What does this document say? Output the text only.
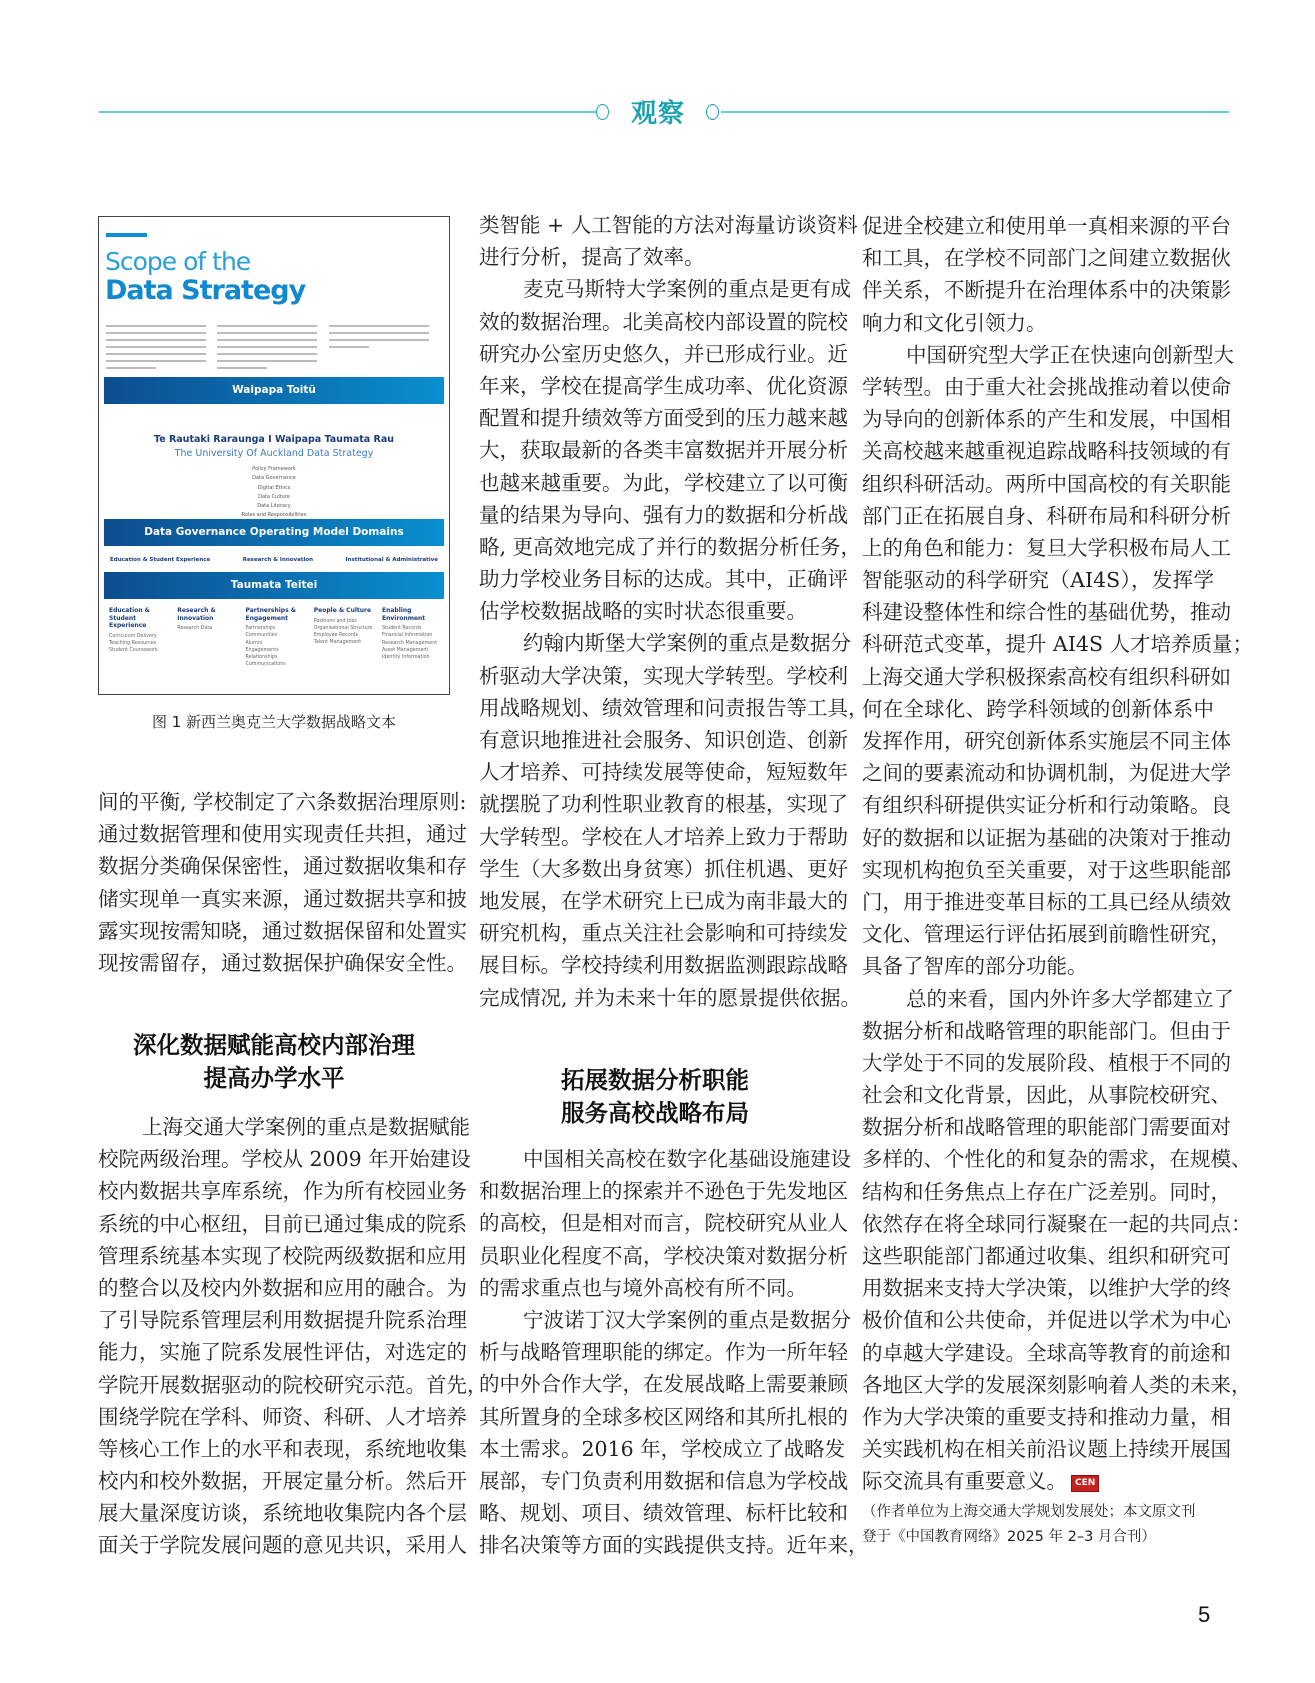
观察
Scope of the
Data Strategy
Waipapa Toitū
Te Rautaki Raraunga I Waipapa Taumata Rau
The University Of Auckland Data Strategy
Policy Framework
Data Governance
Digital Ethics
Data Culture
Data Literacy
Roles and Responsibilities
Data Governance Operating Model Domains
Education & Student Experience	Research & Innovation	Institutional & Administrative
Taumata Teitei
Education & Student Experience
Curriculum Delivery
Teaching Resources
Student Coursework
Research & Innovation
Research Data
Partnerships & Engagement
Partnerships
Communities
Alumni
Engagements
Relationships
Communications
People & Culture
Positions and Jobs
Organisational Structure
Employee Records
Talent Management
Enabling Environment
Student Records
Financial Information
Research Management
Asset Management
Identity Information
图 1 新西兰奥克兰大学数据战略文本
间的平衡, 学校制定了六条数据治理原则:
通过数据管理和使用实现责任共担，通过
数据分类确保保密性，通过数据收集和存
储实现单一真实来源，通过数据共享和披
露实现按需知晓，通过数据保留和处置实
现按需留存，通过数据保护确保安全性。
深化数据赋能高校内部治理
提高办学水平
上海交通大学案例的重点是数据赋能
校院两级治理。学校从 2009 年开始建设
校内数据共享库系统，作为所有校园业务
系统的中心枢纽，目前已通过集成的院系
管理系统基本实现了校院两级数据和应用
的整合以及校内外数据和应用的融合。为
了引导院系管理层利用数据提升院系治理
能力，实施了院系发展性评估，对选定的
学院开展数据驱动的院校研究示范。首先，
围绕学院在学科、师资、科研、人才培养
等核心工作上的水平和表现，系统地收集
校内和校外数据，开展定量分析。然后开
展大量深度访谈，系统地收集院内各个层
面关于学院发展问题的意见共识，采用人
类智能 + 人工智能的方法对海量访谈资料
进行分析，提高了效率。
麦克马斯特大学案例的重点是更有成
效的数据治理。北美高校内部设置的院校
研究办公室历史悠久，并已形成行业。近
年来，学校在提高学生成功率、优化资源
配置和提升绩效等方面受到的压力越来越
大，获取最新的各类丰富数据并开展分析
也越来越重要。为此，学校建立了以可衡
量的结果为导向、强有力的数据和分析战
略, 更高效地完成了并行的数据分析任务，
助力学校业务目标的达成。其中，正确评
估学校数据战略的实时状态很重要。
约翰内斯堡大学案例的重点是数据分
析驱动大学决策，实现大学转型。学校利
用战略规划、绩效管理和问责报告等工具，
有意识地推进社会服务、知识创造、创新
人才培养、可持续发展等使命，短短数年
就摆脱了功利性职业教育的根基，实现了
大学转型。学校在人才培养上致力于帮助
学生（大多数出身贫寒）抓住机遇、更好
地发展，在学术研究上已成为南非最大的
研究机构，重点关注社会影响和可持续发
展目标。学校持续利用数据监测跟踪战略
完成情况, 并为未来十年的愿景提供依据。
拓展数据分析职能
服务高校战略布局
中国相关高校在数字化基础设施建设
和数据治理上的探索并不逊色于先发地区
的高校，但是相对而言，院校研究从业人
员职业化程度不高，学校决策对数据分析
的需求重点也与境外高校有所不同。
宁波诺丁汉大学案例的重点是数据分
析与战略管理职能的绑定。作为一所年轻
的中外合作大学，在发展战略上需要兼顾
其所置身的全球多校区网络和其所扎根的
本土需求。2016 年，学校成立了战略发
展部，专门负责利用数据和信息为学校战
略、规划、项目、绩效管理、标杆比较和
排名决策等方面的实践提供支持。近年来，
促进全校建立和使用单一真相来源的平台
和工具，在学校不同部门之间建立数据伙
伴关系，不断提升在治理体系中的决策影
响力和文化引领力。
中国研究型大学正在快速向创新型大
学转型。由于重大社会挑战推动着以使命
为导向的创新体系的产生和发展，中国相
关高校越来越重视追踪战略科技领域的有
组织科研活动。两所中国高校的有关职能
部门正在拓展自身、科研布局和科研分析
上的角色和能力：复旦大学积极布局人工
智能驱动的科学研究（AI4S），发挥学
科建设整体性和综合性的基础优势，推动
科研范式变革，提升 AI4S 人才培养质量；
上海交通大学积极探索高校有组织科研如
何在全球化、跨学科领域的创新体系中
发挥作用，研究创新体系实施层不同主体
之间的要素流动和协调机制，为促进大学
有组织科研提供实证分析和行动策略。良
好的数据和以证据为基础的决策对于推动
实现机构抱负至关重要，对于这些职能部
门，用于推进变革目标的工具已经从绩效
文化、管理运行评估拓展到前瞻性研究，
具备了智库的部分功能。
总的来看，国内外许多大学都建立了
数据分析和战略管理的职能部门。但由于
大学处于不同的发展阶段、植根于不同的
社会和文化背景，因此，从事院校研究、
数据分析和战略管理的职能部门需要面对
多样的、个性化的和复杂的需求，在规模、
结构和任务焦点上存在广泛差别。同时，
依然存在将全球同行凝聚在一起的共同点：
这些职能部门都通过收集、组织和研究可
用数据来支持大学决策，以维护大学的终
极价值和公共使命，并促进以学术为中心
的卓越大学建设。全球高等教育的前途和
各地区大学的发展深刻影响着人类的未来，
作为大学决策的重要支持和推动力量，相
关实践机构在相关前沿议题上持续开展国
际交流具有重要意义。 CEN
（作者单位为上海交通大学规划发展处；本文原文刊
登于《中国教育网络》2025 年 2–3 月合刊）
5
